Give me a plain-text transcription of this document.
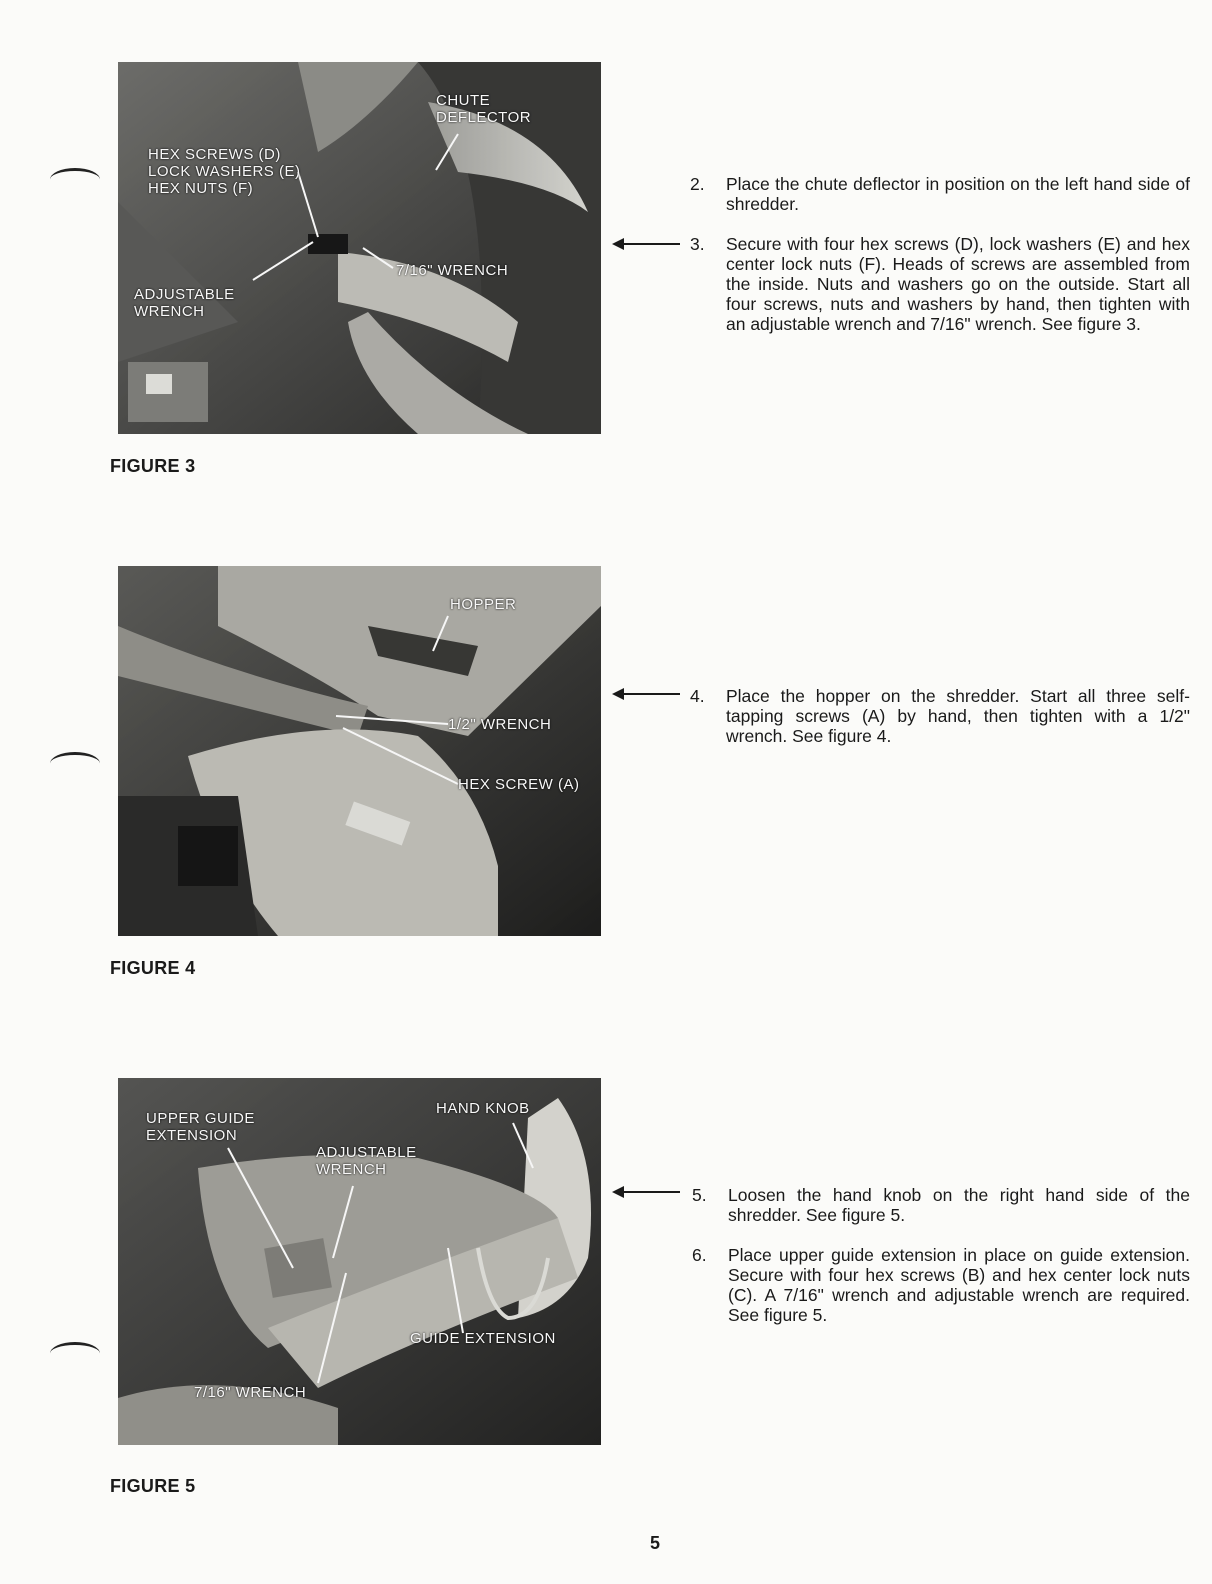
CHUTE
DEFLECTOR
HEX SCREWS (D)
LOCK WASHERS (E)
HEX NUTS (F)
7/16" WRENCH
ADJUSTABLE
WRENCH
FIGURE 3
HOPPER
1/2" WRENCH
HEX SCREW (A)
FIGURE 4
UPPER GUIDE
EXTENSION
HAND KNOB
ADJUSTABLE
WRENCH
GUIDE EXTENSION
7/16" WRENCH
FIGURE 5
2. Place the chute deflector in position on the left hand side of shredder.
3. Secure with four hex screws (D), lock washers (E) and hex center lock nuts (F). Heads of screws are assembled from the inside. Nuts and washers go on the outside. Start all four screws, nuts and washers by hand, then tighten with an adjustable wrench and 7/16" wrench. See figure 3.
4. Place the hopper on the shredder. Start all three self-tapping screws (A) by hand, then tighten with a 1/2" wrench. See figure 4.
5. Loosen the hand knob on the right hand side of the shredder. See figure 5.
6. Place upper guide extension in place on guide extension. Secure with four hex screws (B) and hex center lock nuts (C). A 7/16" wrench and adjustable wrench are required. See figure 5.
5
